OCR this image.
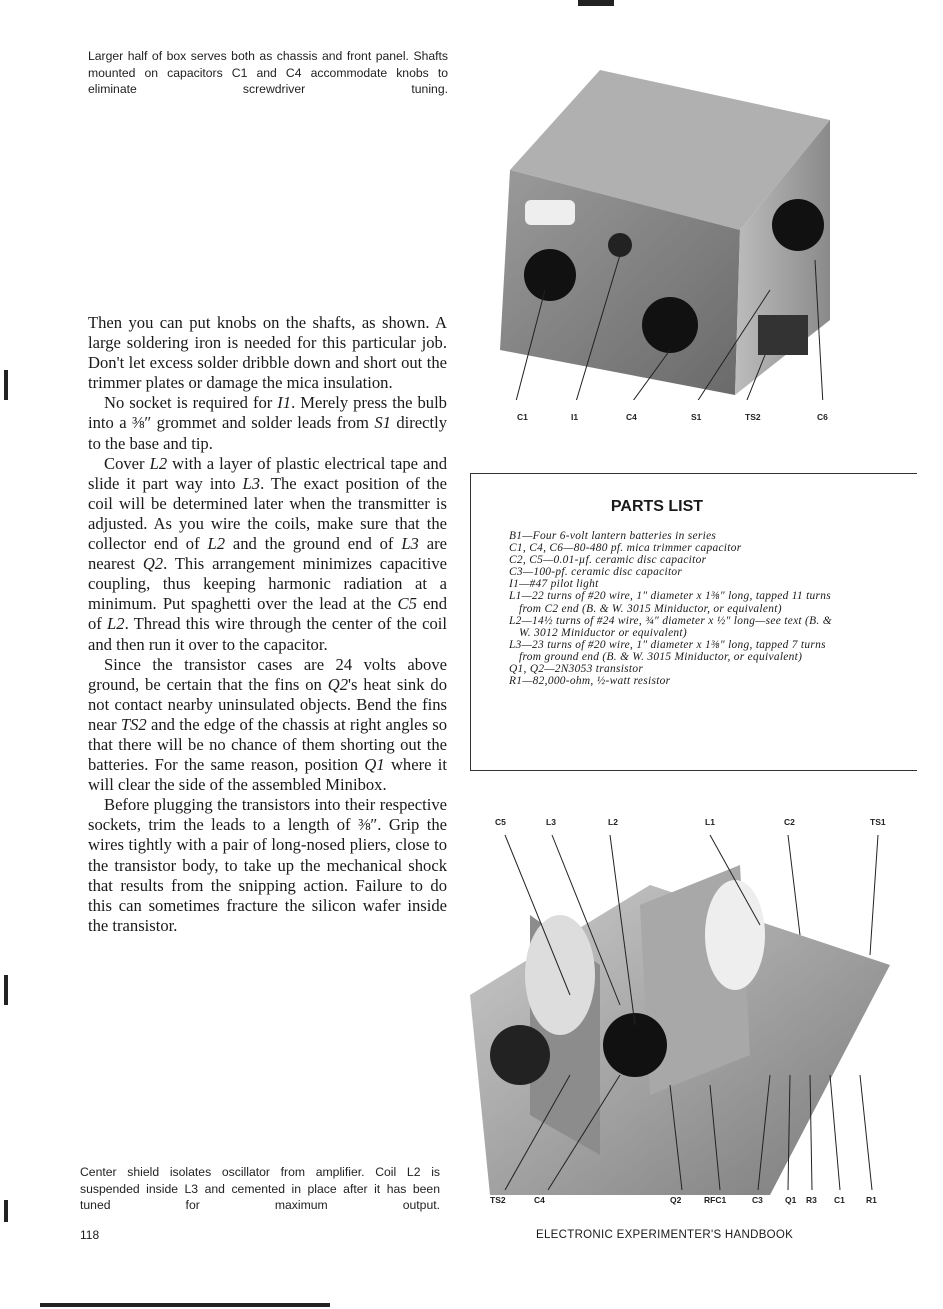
Larger half of box serves both as chassis and front panel. Shafts mounted on capacitors C1 and C4 accommodate knobs to eliminate screwdriver tuning.
C1	I1	C4	S1	TS2	C6

Then you can put knobs on the shafts, as shown. A large soldering iron is needed for this particular job. Don't let excess solder dribble down and short out the trimmer plates or damage the mica insulation.

No socket is required for I1. Merely press the bulb into a ⅜″ grommet and solder leads from S1 directly to the base and tip.

Cover L2 with a layer of plastic electrical tape and slide it part way into L3. The exact position of the coil will be determined later when the transmitter is adjusted. As you wire the coils, make sure that the collector end of L2 and the ground end of L3 are nearest Q2. This arrangement minimizes capacitive coupling, thus keeping harmonic radiation at a minimum. Put spaghetti over the lead at the C5 end of L2. Thread this wire through the center of the coil and then run it over to the capacitor.

Since the transistor cases are 24 volts above ground, be certain that the fins on Q2's heat sink do not contact nearby uninsulated objects. Bend the fins near TS2 and the edge of the chassis at right angles so that there will be no chance of them shorting out the batteries. For the same reason, position Q1 where it will clear the side of the assembled Minibox.

Before plugging the transistors into their respective sockets, trim the leads to a length of ⅜″. Grip the wires tightly with a pair of long-nosed pliers, close to the transistor body, to take up the mechanical shock that results from the snipping action. Failure to do this can sometimes fracture the silicon wafer inside the transistor.

PARTS LIST

B1—Four 6-volt lantern batteries in series

C1, C4, C6—80-480 pf. mica trimmer capacitor

C2, C5—0.01-µf. ceramic disc capacitor

C3—100-pf. ceramic disc capacitor

I1—#47 pilot light

L1—22 turns of #20 wire, 1″ diameter x 1⅜″ long, tapped 11 turns from C2 end (B. & W. 3015 Miniductor, or equivalent)

L2—14½ turns of #24 wire, ¾″ diameter x ½″ long—see text (B. & W. 3012 Miniductor or equivalent)

L3—23 turns of #20 wire, 1″ diameter x 1⅜″ long, tapped 7 turns from ground end (B. & W. 3015 Miniductor, or equivalent)

Q1, Q2—2N3053 transistor

R1—82,000-ohm, ½-watt resistor

C5	L3	L2	L1	C2	TS1
TS2	C4	Q2	RFC1	C3	Q1 R3 C1 R1
Center shield isolates oscillator from amplifier. Coil L2 is suspended inside L3 and cemented in place after it has been tuned for maximum output.
118	ELECTRONIC EXPERIMENTER'S HANDBOOK
